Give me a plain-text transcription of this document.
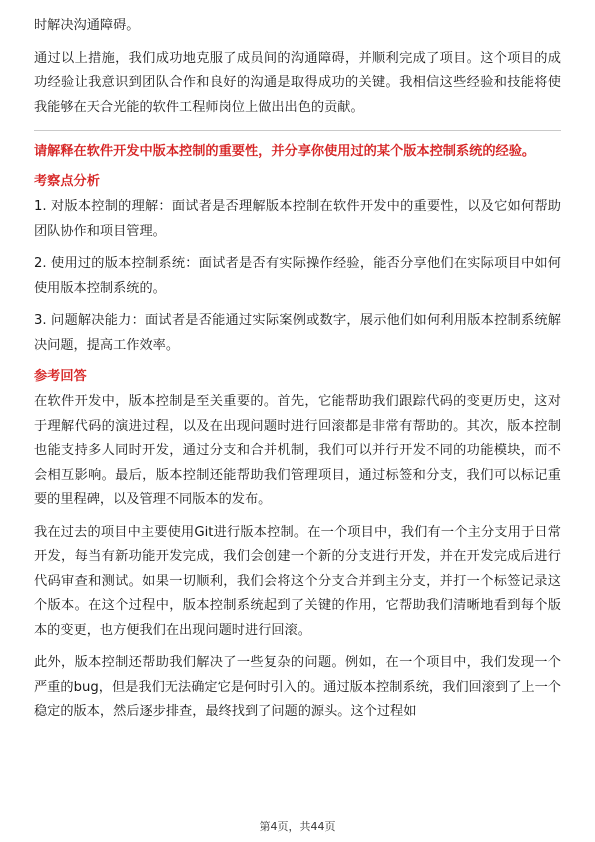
时解决沟通障碍。

通过以上措施，我们成功地克服了成员间的沟通障碍，并顺利完成了项目。这个项目的成功经验让我意识到团队合作和良好的沟通是取得成功的关键。我相信这些经验和技能将使我能够在天合光能的软件工程师岗位上做出出色的贡献。

请解释在软件开发中版本控制的重要性，并分享你使用过的某个版本控制系统的经验。

考察点分析

1. 对版本控制的理解：面试者是否理解版本控制在软件开发中的重要性，以及它如何帮助团队协作和项目管理。

2. 使用过的版本控制系统：面试者是否有实际操作经验，能否分享他们在实际项目中如何使用版本控制系统的。

3. 问题解决能力：面试者是否能通过实际案例或数字，展示他们如何利用版本控制系统解决问题，提高工作效率。

参考回答

在软件开发中，版本控制是至关重要的。首先，它能帮助我们跟踪代码的变更历史，这对于理解代码的演进过程，以及在出现问题时进行回滚都是非常有帮助的。其次，版本控制也能支持多人同时开发，通过分支和合并机制，我们可以并行开发不同的功能模块，而不会相互影响。最后，版本控制还能帮助我们管理项目，通过标签和分支，我们可以标记重要的里程碑，以及管理不同版本的发布。

我在过去的项目中主要使用Git进行版本控制。在一个项目中，我们有一个主分支用于日常开发，每当有新功能开发完成，我们会创建一个新的分支进行开发，并在开发完成后进行代码审查和测试。如果一切顺利，我们会将这个分支合并到主分支，并打一个标签记录这个版本。在这个过程中，版本控制系统起到了关键的作用，它帮助我们清晰地看到每个版本的变更，也方便我们在出现问题时进行回滚。

此外，版本控制还帮助我们解决了一些复杂的问题。例如，在一个项目中，我们发现一个严重的bug，但是我们无法确定它是何时引入的。通过版本控制系统，我们回滚到了上一个稳定的版本，然后逐步排查，最终找到了问题的源头。这个过程如

第4页，共44页
